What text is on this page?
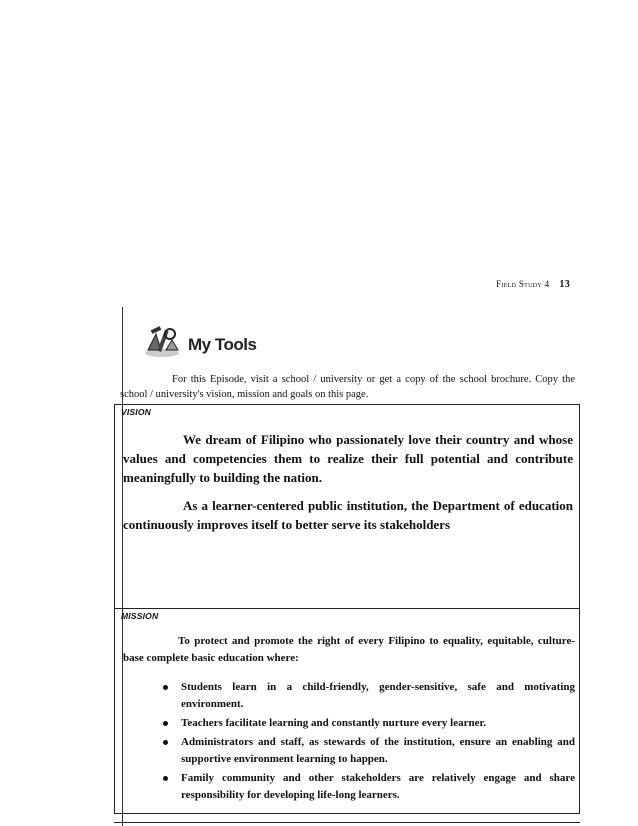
Field Study 4 13
My Tools
For this Episode, visit a school / university or get a copy of the school brochure. Copy the school / university's vision, mission and goals on this page.
VISION

We dream of Filipino who passionately love their country and whose values and competencies them to realize their full potential and contribute meaningfully to building the nation.

As a learner-centered public institution, the Department of education continuously improves itself to better serve its stakeholders

MISSION

To protect and promote the right of every Filipino to equality, equitable, culture-base complete basic education where:

Students learn in a child-friendly, gender-sensitive, safe and motivating environment.
Teachers facilitate learning and constantly nurture every learner.
Administrators and staff, as stewards of the institution, ensure an enabling and supportive environment learning to happen.
Family community and other stakeholders are relatively engage and share responsibility for developing life-long learners.
